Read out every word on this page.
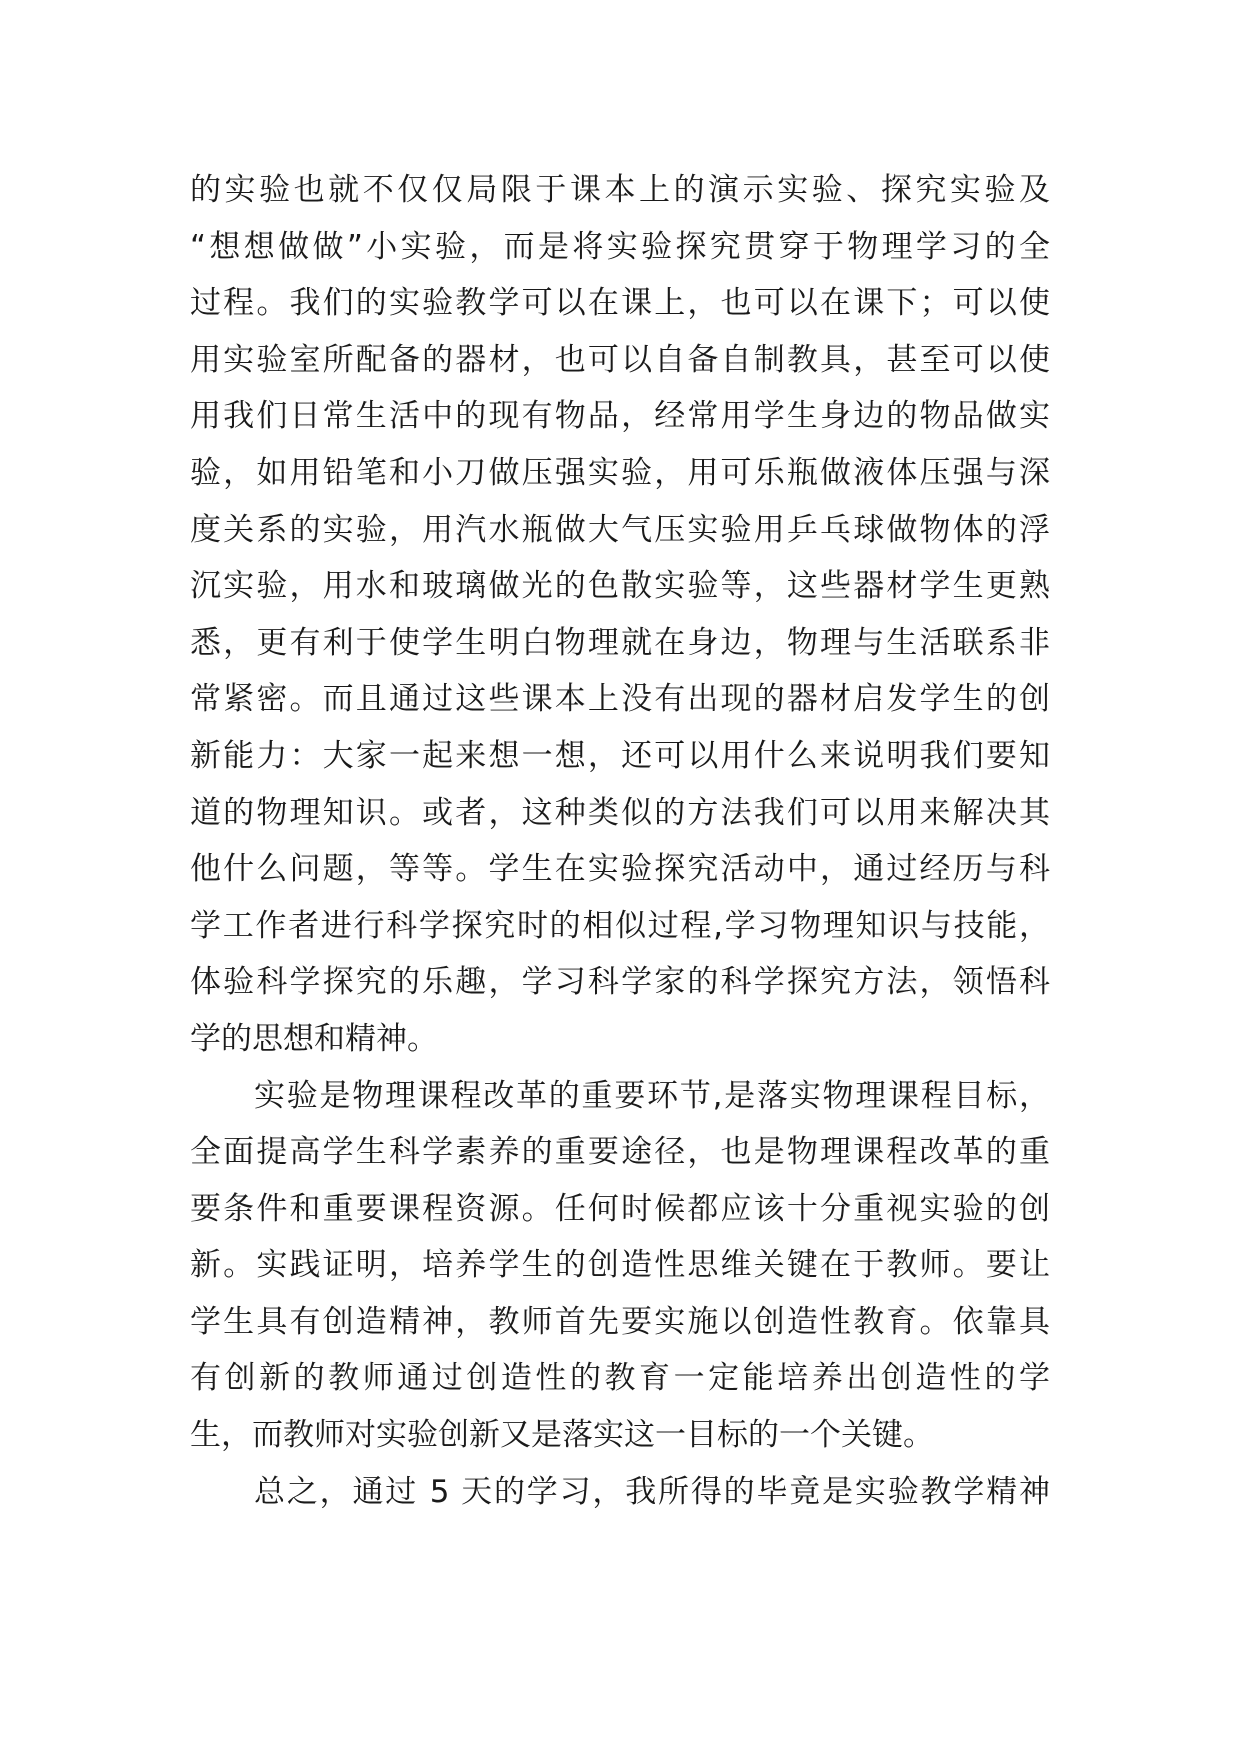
的实验也就不仅仅局限于课本上的演示实验、探究实验及
“想想做做”小实验，而是将实验探究贯穿于物理学习的全
过程。我们的实验教学可以在课上，也可以在课下；可以使
用实验室所配备的器材，也可以自备自制教具，甚至可以使
用我们日常生活中的现有物品，经常用学生身边的物品做实
验，如用铅笔和小刀做压强实验，用可乐瓶做液体压强与深
度关系的实验，用汽水瓶做大气压实验用乒乓球做物体的浮
沉实验，用水和玻璃做光的色散实验等，这些器材学生更熟
悉，更有利于使学生明白物理就在身边，物理与生活联系非
常紧密。而且通过这些课本上没有出现的器材启发学生的创
新能力：大家一起来想一想，还可以用什么来说明我们要知
道的物理知识。或者，这种类似的方法我们可以用来解决其
他什么问题，等等。学生在实验探究活动中，通过经历与科
学工作者进行科学探究时的相似过程,学习物理知识与技能，
体验科学探究的乐趣，学习科学家的科学探究方法，领悟科
学的思想和精神。
实验是物理课程改革的重要环节,是落实物理课程目标，
全面提高学生科学素养的重要途径，也是物理课程改革的重
要条件和重要课程资源。任何时候都应该十分重视实验的创
新。实践证明，培养学生的创造性思维关键在于教师。要让
学生具有创造精神，教师首先要实施以创造性教育。依靠具
有创新的教师通过创造性的教育一定能培养出创造性的学
生，而教师对实验创新又是落实这一目标的一个关键。
总之，通过 5 天的学习，我所得的毕竟是实验教学精神
